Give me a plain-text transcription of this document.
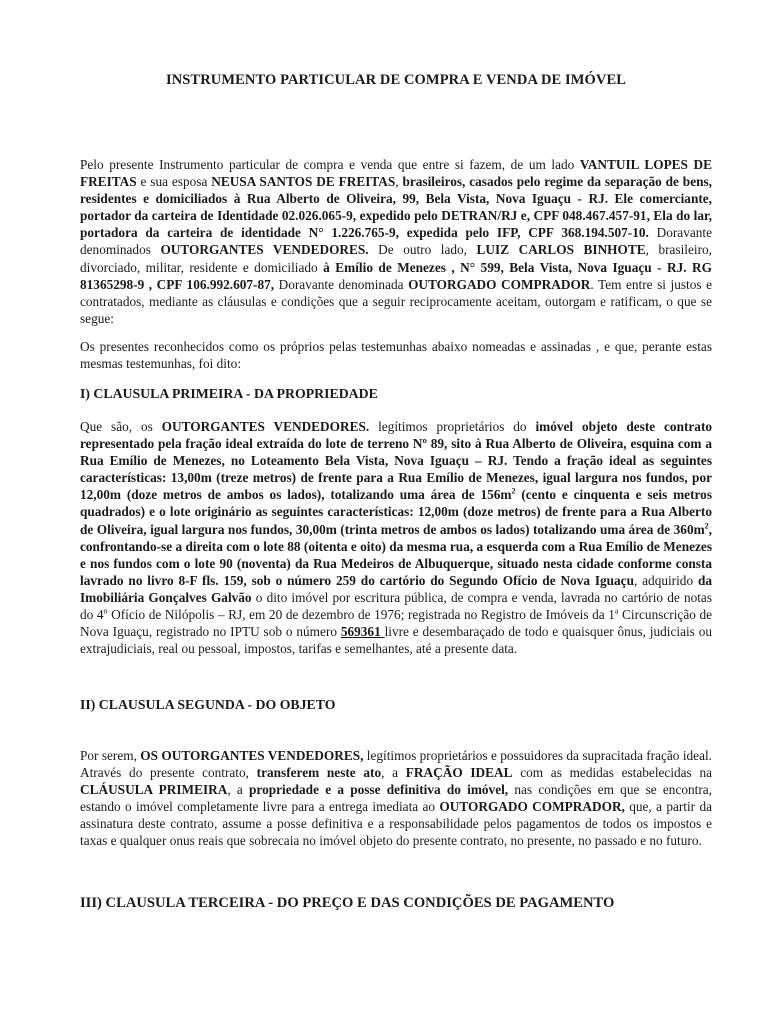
INSTRUMENTO PARTICULAR DE COMPRA E VENDA DE IMÓVEL

Pelo presente Instrumento particular de compra e venda que entre si fazem, de um lado VANTUIL LOPES DE FREITAS e sua esposa NEUSA SANTOS DE FREITAS, brasileiros, casados pelo regime da separação de bens, residentes e domiciliados à Rua Alberto de Oliveira, 99, Bela Vista, Nova Iguaçu - RJ. Ele comerciante, portador da carteira de Identidade 02.026.065-9, expedido pelo DETRAN/RJ e, CPF 048.467.457-91, Ela do lar, portadora da carteira de identidade N° 1.226.765-9, expedida pelo IFP, CPF 368.194.507-10. Doravante denominados OUTORGANTES VENDEDORES. De outro lado, LUIZ CARLOS BINHOTE, brasileiro, divorciado, militar, residente e domiciliado à Emílio de Menezes , N° 599, Bela Vista, Nova Iguaçu - RJ. RG 81365298-9 , CPF 106.992.607-87, Doravante denominada OUTORGADO COMPRADOR. Tem entre si justos e contratados, mediante as cláusulas e condições que a seguir reciprocamente aceitam, outorgam e ratificam, o que se segue:

Os presentes reconhecidos como os próprios pelas testemunhas abaixo nomeadas e assinadas , e que, perante estas mesmas testemunhas, foi dito:

I) CLAUSULA PRIMEIRA - DA PROPRIEDADE

Que são, os OUTORGANTES VENDEDORES. legítimos proprietários do imóvel objeto deste contrato representado pela fração ideal extraída do lote de terreno Nº 89, sito à Rua Alberto de Oliveira, esquina com a Rua Emílio de Menezes, no Loteamento Bela Vista, Nova Iguaçu – RJ. Tendo a fração ideal as seguintes características: 13,00m (treze metros) de frente para a Rua Emílio de Menezes, igual largura nos fundos, por 12,00m (doze metros de ambos os lados), totalizando uma área de $156m^2$ (cento e cinquenta e seis metros quadrados) e o lote originário as seguintes características: 12,00m (doze metros) de frente para a Rua Alberto de Oliveira, igual largura nos fundos, 30,00m (trinta metros de ambos os lados) totalizando uma área de $360m^2$, confrontando-se a direita com o lote 88 (oitenta e oito) da mesma rua, a esquerda com a Rua Emílio de Menezes e nos fundos com o lote 90 (noventa) da Rua Medeiros de Albuquerque, situado nesta cidade conforme consta lavrado no livro 8-F fls. 159, sob o número 259 do cartório do Segundo Ofício de Nova Iguaçu, adquirido da Imobiliária Gonçalves Galvão o dito imóvel por escritura pública, de compra e venda, lavrada no cartório de notas do 4$^o$ Ofício de Nilópolis – RJ, em 20 de dezembro de 1976; registrada no Registro de Imóveis da 1$^a$ Circunscrição de Nova Iguaçu, registrado no IPTU sob o número 569361 livre e desembaraçado de todo e quaisquer ônus, judiciais ou extrajudiciais, real ou pessoal, impostos, tarifas e semelhantes, até a presente data.

II) CLAUSULA SEGUNDA - DO OBJETO

Por serem, OS OUTORGANTES VENDEDORES, legítimos proprietários e possuidores da supracitada fração ideal. Através do presente contrato, transferem neste ato, a FRAÇÃO IDEAL com as medidas estabelecidas na CLÁUSULA PRIMEIRA, a propriedade e a posse definitiva do imóvel, nas condições em que se encontra, estando o imóvel completamente livre para a entrega imediata ao OUTORGADO COMPRADOR, que, a partir da assinatura deste contrato, assume a posse definitiva e a responsabilidade pelos pagamentos de todos os impostos e taxas e qualquer onus reais que sobrecaia no imóvel objeto do presente contrato, no presente, no passado e no futuro.

III) CLAUSULA TERCEIRA - DO PREÇO E DAS CONDIÇÕES DE PAGAMENTO
